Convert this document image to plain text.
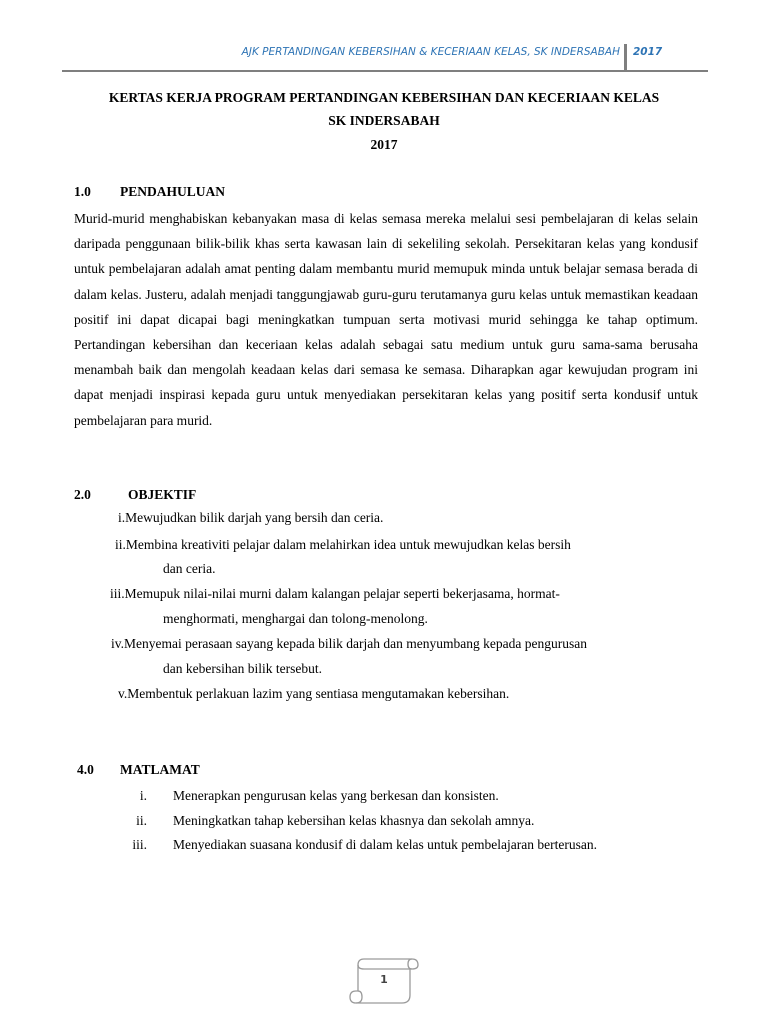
AJK PERTANDINGAN KEBERSIHAN & KECERIAAN KELAS, SK INDERSABAH 2017
KERTAS KERJA PROGRAM PERTANDINGAN KEBERSIHAN DAN KECERIAAN KELAS
SK INDERSABAH
2017
1.0 PENDAHULUAN

Murid-murid menghabiskan kebanyakan masa di kelas semasa mereka melalui sesi pembelajaran di kelas selain daripada penggunaan bilik-bilik khas serta kawasan lain di sekeliling sekolah. Persekitaran kelas yang kondusif untuk pembelajaran adalah amat penting dalam membantu murid memupuk minda untuk belajar semasa berada di dalam kelas. Justeru, adalah menjadi tanggungjawab guru-guru terutamanya guru kelas untuk memastikan keadaan positif ini dapat dicapai bagi meningkatkan tumpuan serta motivasi murid sehingga ke tahap optimum. Pertandingan kebersihan dan keceriaan kelas adalah sebagai satu medium untuk guru sama-sama berusaha menambah baik dan mengolah keadaan kelas dari semasa ke semasa. Diharapkan agar kewujudan program ini dapat menjadi inspirasi kepada guru untuk menyediakan persekitaran kelas yang positif serta kondusif untuk pembelajaran para murid.

2.0	OBJEKTIF
i.Mewujudkan bilik darjah yang bersih dan ceria.
ii.Membina kreativiti pelajar dalam melahirkan idea untuk mewujudkan kelas bersih
dan ceria.
iii.Memupuk nilai-nilai murni dalam kalangan pelajar seperti bekerjasama, hormat-
menghormati, menghargai dan tolong-menolong.
iv.Menyemai perasaan sayang kepada bilik darjah dan menyumbang kepada pengurusan
dan kebersihan bilik tersebut.
v.Membentuk perlakuan lazim yang sentiasa mengutamakan kebersihan.
4.0 MATLAMAT
i. Menerapkan pengurusan kelas yang berkesan dan konsisten.
ii. Meningkatkan tahap kebersihan kelas khasnya dan sekolah amnya.
iii. Menyediakan suasana kondusif di dalam kelas untuk pembelajaran berterusan.
1
